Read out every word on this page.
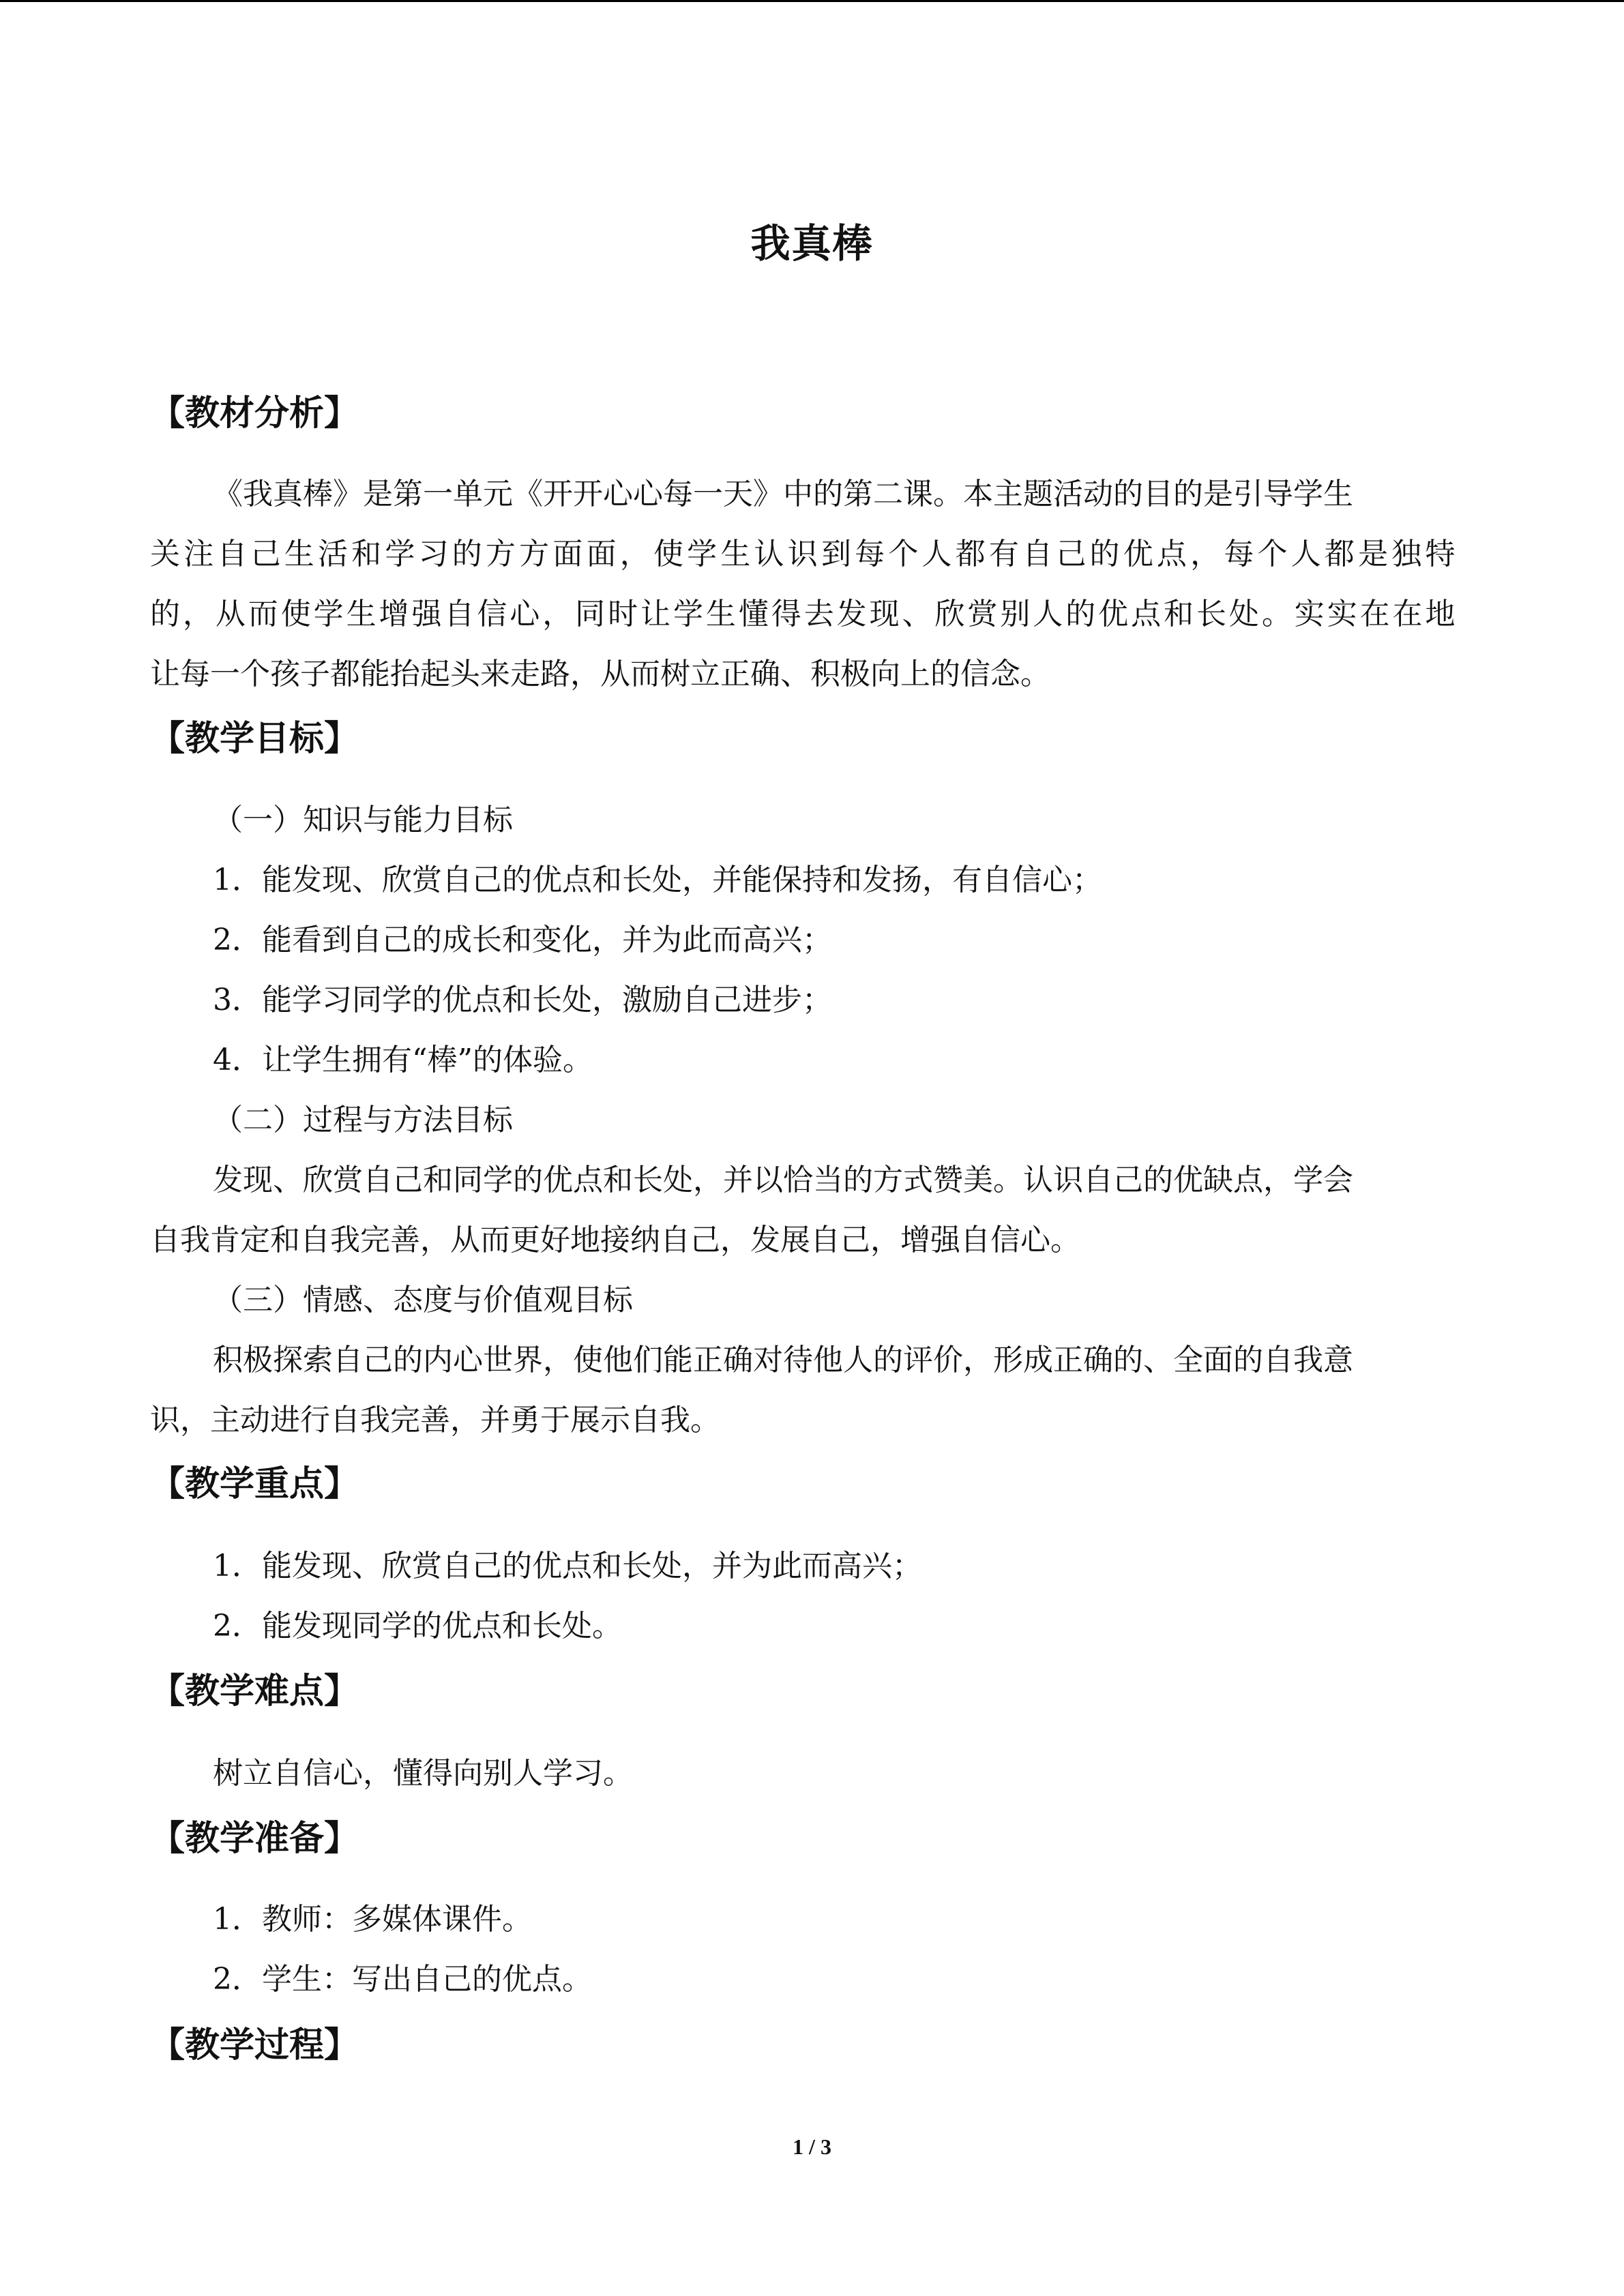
我真棒
【教材分析】
《我真棒》是第一单元《开开心心每一天》中的第二课。本主题活动的目的是引导学生
关注自己生活和学习的方方面面，使学生认识到每个人都有自己的优点，每个人都是独特
的，从而使学生增强自信心，同时让学生懂得去发现、欣赏别人的优点和长处。实实在在地
让每一个孩子都能抬起头来走路，从而树立正确、积极向上的信念。
【教学目标】
（一）知识与能力目标
1．能发现、欣赏自己的优点和长处，并能保持和发扬，有自信心；
2．能看到自己的成长和变化，并为此而高兴；
3．能学习同学的优点和长处，激励自己进步；
4．让学生拥有“棒”的体验。
（二）过程与方法目标
发现、欣赏自己和同学的优点和长处，并以恰当的方式赞美。认识自己的优缺点，学会
自我肯定和自我完善，从而更好地接纳自己，发展自己，增强自信心。
（三）情感、态度与价值观目标
积极探索自己的内心世界，使他们能正确对待他人的评价，形成正确的、全面的自我意
识，主动进行自我完善，并勇于展示自我。
【教学重点】
1．能发现、欣赏自己的优点和长处，并为此而高兴；
2．能发现同学的优点和长处。
【教学难点】
树立自信心，懂得向别人学习。
【教学准备】
1．教师：多媒体课件。
2．学生：写出自己的优点。
【教学过程】
1 / 3
